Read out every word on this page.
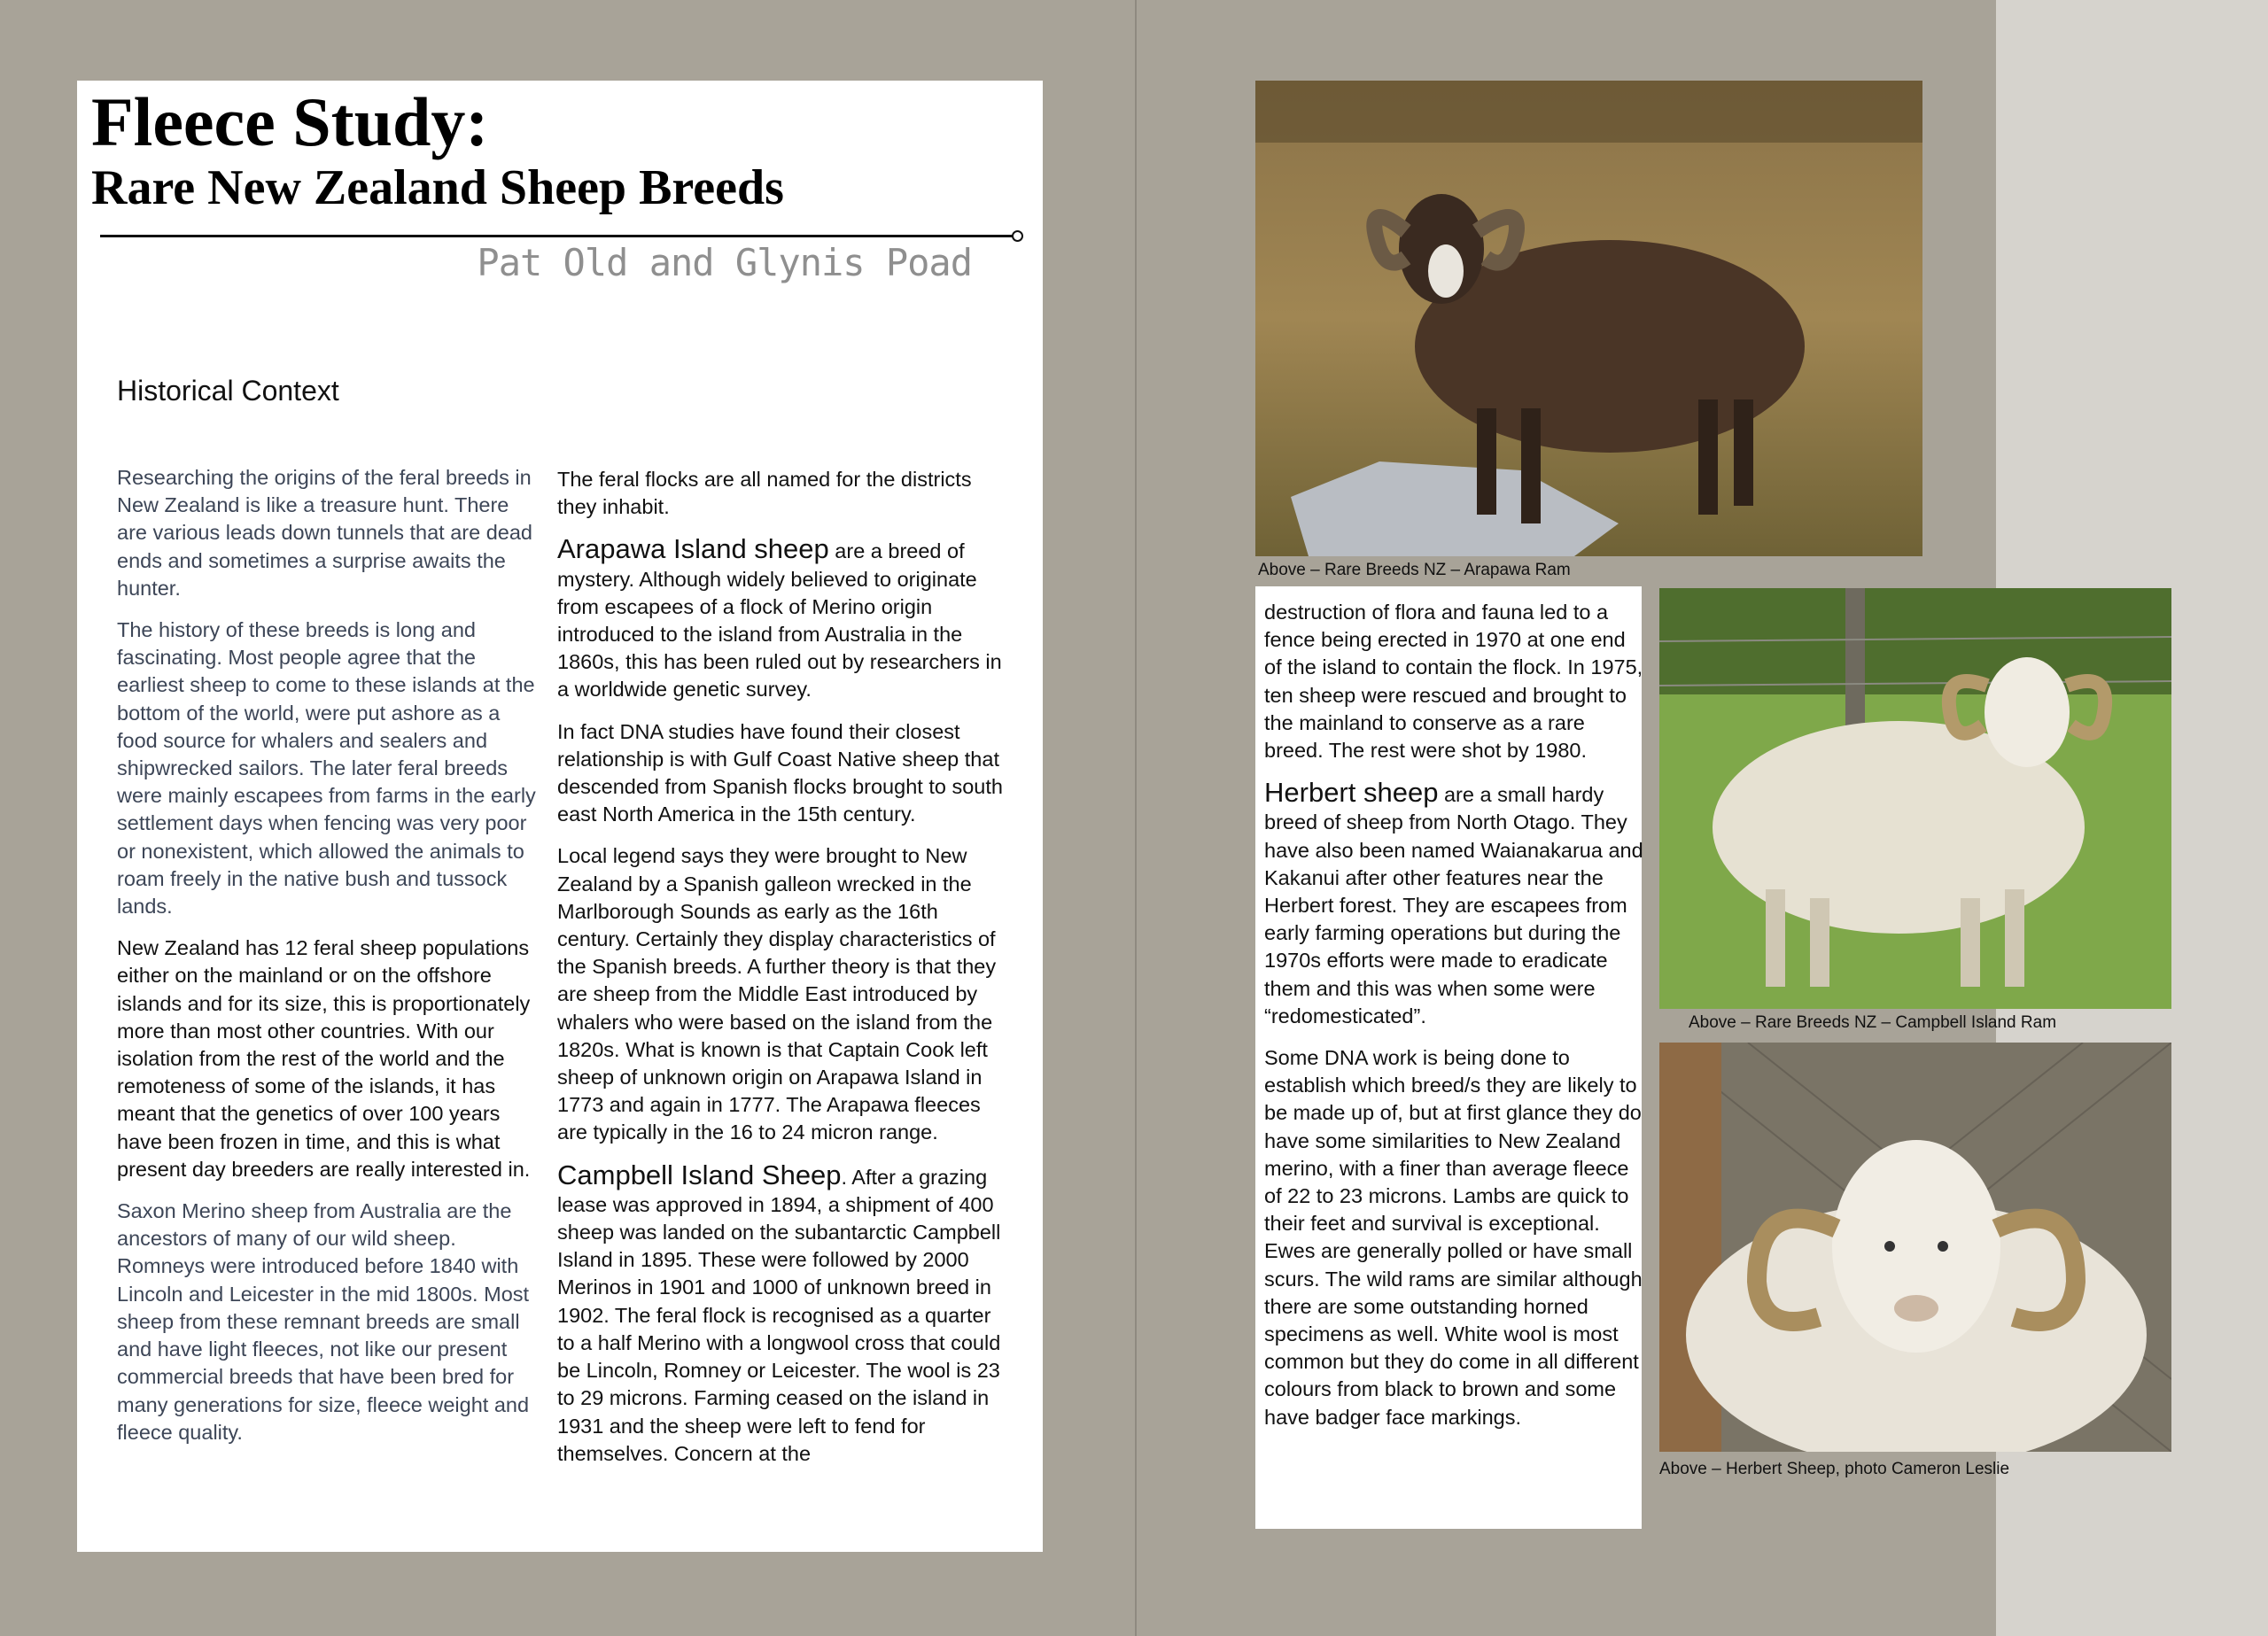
Fleece Study:
Rare New Zealand Sheep Breeds
Pat Old and Glynis Poad
Historical Context

Researching the origins of the feral breeds in New Zealand is like a treasure hunt. There are various leads down tunnels that are dead ends and sometimes a surprise awaits the hunter.

The history of these breeds is long and fascinating. Most people agree that the earliest sheep to come to these islands at the bottom of the world, were put ashore as a food source for whalers and sealers and shipwrecked sailors. The later feral breeds were mainly escapees from farms in the early settlement days when fencing was very poor or nonexistent, which allowed the animals to roam freely in the native bush and tussock lands.

New Zealand has 12 feral sheep populations either on the mainland or on the offshore islands and for its size, this is proportionately more than most other countries. With our isolation from the rest of the world and the remoteness of some of the islands, it has meant that the genetics of over 100 years have been frozen in time, and this is what present day breeders are really interested in.

Saxon Merino sheep from Australia are the ancestors of many of our wild sheep. Romneys were introduced before 1840 with Lincoln and Leicester in the mid 1800s. Most sheep from these remnant breeds are small and have light fleeces, not like our present commercial breeds that have been bred for many generations for size, fleece weight and fleece quality.

The feral flocks are all named for the districts they inhabit.

Arapawa Island sheep are a breed of mystery. Although widely believed to originate from escapees of a flock of Merino origin introduced to the island from Australia in the 1860s, this has been ruled out by researchers in a worldwide genetic survey.

In fact DNA studies have found their closest relationship is with Gulf Coast Native sheep that descended from Spanish flocks brought to south east North America in the 15th century.

Local legend says they were brought to New Zealand by a Spanish galleon wrecked in the Marlborough Sounds as early as the 16th century. Certainly they display characteristics of the Spanish breeds. A further theory is that they are sheep from the Middle East introduced by whalers who were based on the island from the 1820s. What is known is that Captain Cook left sheep of unknown origin on Arapawa Island in 1773 and again in 1777. The Arapawa fleeces are typically in the 16 to 24 micron range.

Campbell Island Sheep. After a grazing lease was approved in 1894, a shipment of 400 sheep was landed on the subantarctic Campbell Island in 1895. These were followed by 2000 Merinos in 1901 and 1000 of unknown breed in 1902. The feral flock is recognised as a quarter to a half Merino with a longwool cross that could be Lincoln, Romney or Leicester. The wool is 23 to 29 microns. Farming ceased on the island in 1931 and the sheep were left to fend for themselves. Concern at the

Above – Rare Breeds NZ – Arapawa Ram

destruction of flora and fauna led to a fence being erected in 1970 at one end of the island to contain the flock. In 1975, ten sheep were rescued and brought to the mainland to conserve as a rare breed. The rest were shot by 1980.

Herbert sheep are a small hardy breed of sheep from North Otago. They have also been named Waianakarua and Kakanui after other features near the Herbert forest. They are escapees from early farming operations but during the 1970s efforts were made to eradicate them and this was when some were “redomesticated”.

Some DNA work is being done to establish which breed/s they are likely to be made up of, but at first glance they do have some similarities to New Zealand merino, with a finer than average fleece of 22 to 23 microns. Lambs are quick to their feet and survival is exceptional. Ewes are generally polled or have small scurs. The wild rams are similar although there are some outstanding horned specimens as well. White wool is most common but they do come in all different colours from black to brown and some have badger face markings.

Above – Rare Breeds NZ – Campbell Island Ram
Above – Herbert Sheep, photo Cameron Leslie
